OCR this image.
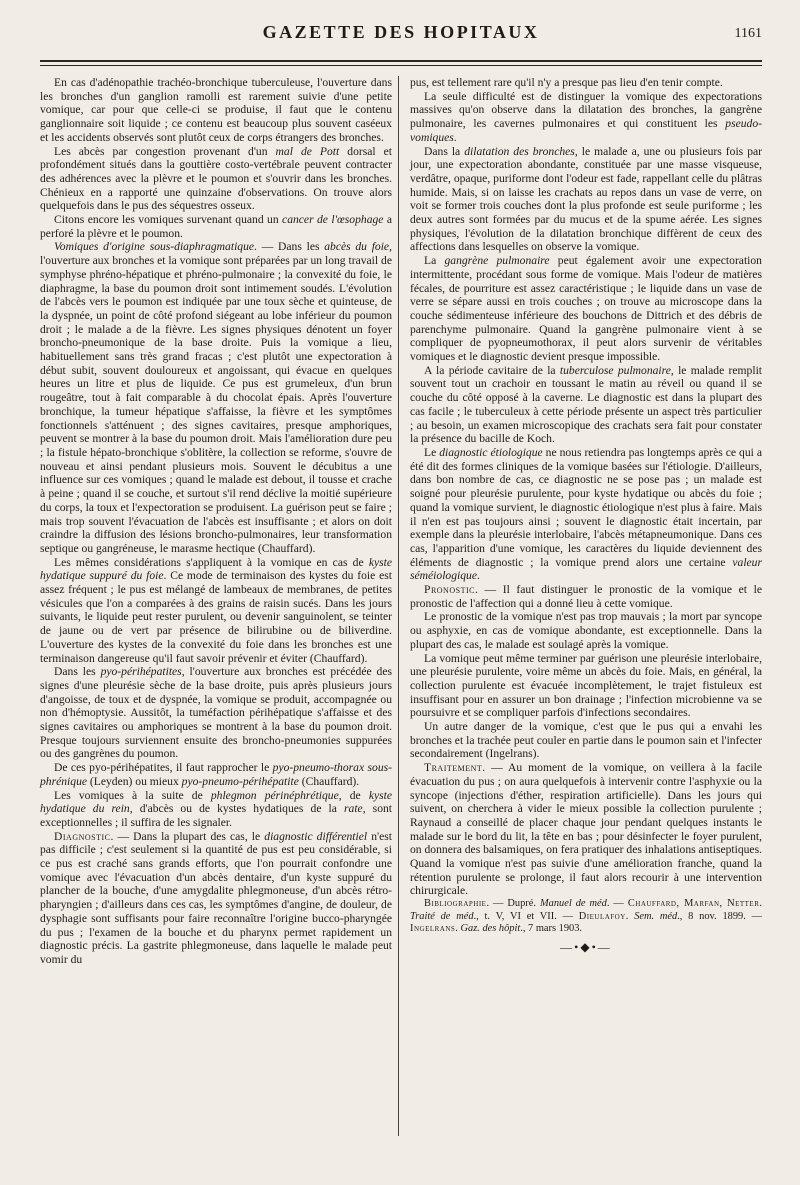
GAZETTE DES HOPITAUX	1161

En cas d'adénopathie trachéo-bronchique tuberculeuse, l'ouverture dans les bronches d'un ganglion ramolli est rarement suivie d'une petite vomique, car pour que celle-ci se produise, il faut que le contenu ganglionnaire soit liquide ; ce contenu est beaucoup plus souvent caséeux et les accidents observés sont plutôt ceux de corps étrangers des bronches.

Les abcès par congestion provenant d'un mal de Pott dorsal et profondément situés dans la gouttière costo-vertébrale peuvent contracter des adhérences avec la plèvre et le poumon et s'ouvrir dans les bronches. Chénieux en a rapporté une quinzaine d'observations. On trouve alors quelquefois dans le pus des séquestres osseux.

Citons encore les vomiques survenant quand un cancer de l'œsophage a perforé la plèvre et le poumon.

Vomiques d'origine sous-diaphragmatique. — Dans les abcès du foie, l'ouverture aux bronches et la vomique sont préparées par un long travail de symphyse phréno-hépatique et phréno-pulmonaire ; la convexité du foie, le diaphragme, la base du poumon droit sont intimement soudés. L'évolution de l'abcès vers le poumon est indiquée par une toux sèche et quinteuse, de la dyspnée, un point de côté profond siégeant au lobe inférieur du poumon droit ; le malade a de la fièvre. Les signes physiques dénotent un foyer broncho-pneumonique de la base droite. Puis la vomique a lieu, habituellement sans très grand fracas ; c'est plutôt une expectoration à début subit, souvent douloureux et angoissant, qui évacue en quelques heures un litre et plus de liquide. Ce pus est grumeleux, d'un brun rougeâtre, tout à fait comparable à du chocolat épais. Après l'ouverture bronchique, la tumeur hépatique s'affaisse, la fièvre et les symptômes fonctionnels s'atténuent ; des signes cavitaires, presque amphoriques, peuvent se montrer à la base du poumon droit. Mais l'amélioration dure peu ; la fistule hépato-bronchique s'oblitère, la collection se reforme, s'ouvre de nouveau et ainsi pendant plusieurs mois. Souvent le décubitus a une influence sur ces vomiques ; quand le malade est debout, il tousse et crache à peine ; quand il se couche, et surtout s'il rend déclive la moitié supérieure du corps, la toux et l'expectoration se produisent. La guérison peut se faire ; mais trop souvent l'évacuation de l'abcès est insuffisante ; et alors on doit craindre la diffusion des lésions broncho-pulmonaires, leur transformation septique ou gangréneuse, le marasme hectique (Chauffard).

Les mêmes considérations s'appliquent à la vomique en cas de kyste hydatique suppuré du foie. Ce mode de terminaison des kystes du foie est assez fréquent ; le pus est mélangé de lambeaux de membranes, de petites vésicules que l'on a comparées à des grains de raisin sucés. Dans les jours suivants, le liquide peut rester purulent, ou devenir sanguinolent, se teinter de jaune ou de vert par présence de bilirubine ou de biliverdine. L'ouverture des kystes de la convexité du foie dans les bronches est une terminaison dangereuse qu'il faut savoir prévenir et éviter (Chauffard).

Dans les pyo-périhépatites, l'ouverture aux bronches est précédée des signes d'une pleurésie sèche de la base droite, puis après plusieurs jours d'angoisse, de toux et de dyspnée, la vomique se produit, accompagnée ou non d'hémoptysie. Aussitôt, la tuméfaction périhépatique s'affaisse et des signes cavitaires ou amphoriques se montrent à la base du poumon droit. Presque toujours surviennent ensuite des broncho-pneumonies suppurées ou des gangrènes du poumon.

De ces pyo-périhépatites, il faut rapprocher le pyo-pneumo-thorax sous-phrénique (Leyden) ou mieux pyo-pneumo-périhépatite (Chauffard).

Les vomiques à la suite de phlegmon périnéphrétique, de kyste hydatique du rein, d'abcès ou de kystes hydatiques de la rate, sont exceptionnelles ; il suffira de les signaler.

Diagnostic. — Dans la plupart des cas, le diagnostic différentiel n'est pas difficile ; c'est seulement si la quantité de pus est peu considérable, si ce pus est craché sans grands efforts, que l'on pourrait confondre une vomique avec l'évacuation d'un abcès dentaire, d'un kyste suppuré du plancher de la bouche, d'une amygdalite phlegmoneuse, d'un abcès rétro-pharyngien ; d'ailleurs dans ces cas, les symptômes d'angine, de douleur, de dysphagie sont suffisants pour faire reconnaître l'origine bucco-pharyngée du pus ; l'examen de la bouche et du pharynx permet rapidement un diagnostic précis. La gastrite phlegmoneuse, dans laquelle le malade peut vomir du

pus, est tellement rare qu'il n'y a presque pas lieu d'en tenir compte.

La seule difficulté est de distinguer la vomique des expectorations massives qu'on observe dans la dilatation des bronches, la gangrène pulmonaire, les cavernes pulmonaires et qui constituent les pseudo-vomiques.

Dans la dilatation des bronches, le malade a, une ou plusieurs fois par jour, une expectoration abondante, constituée par une masse visqueuse, verdâtre, opaque, puriforme dont l'odeur est fade, rappellant celle du plâtras humide. Mais, si on laisse les crachats au repos dans un vase de verre, on voit se former trois couches dont la plus profonde est seule puriforme ; les deux autres sont formées par du mucus et de la spume aérée. Les signes physiques, l'évolution de la dilatation bronchique diffèrent de ceux des affections dans lesquelles on observe la vomique.

La gangrène pulmonaire peut également avoir une expectoration intermittente, procédant sous forme de vomique. Mais l'odeur de matières fécales, de pourriture est assez caractéristique ; le liquide dans un vase de verre se sépare aussi en trois couches ; on trouve au microscope dans la couche sédimenteuse inférieure des bouchons de Dittrich et des débris de parenchyme pulmonaire. Quand la gangrène pulmonaire vient à se compliquer de pyopneumothorax, il peut alors survenir de véritables vomiques et le diagnostic devient presque impossible.

A la période cavitaire de la tuberculose pulmonaire, le malade remplit souvent tout un crachoir en toussant le matin au réveil ou quand il se couche du côté opposé à la caverne. Le diagnostic est dans la plupart des cas facile ; le tuberculeux à cette période présente un aspect très particulier ; au besoin, un examen microscopique des crachats sera fait pour constater la présence du bacille de Koch.

Le diagnostic étiologique ne nous retiendra pas longtemps après ce qui a été dit des formes cliniques de la vomique basées sur l'étiologie. D'ailleurs, dans bon nombre de cas, ce diagnostic ne se pose pas ; un malade est soigné pour pleurésie purulente, pour kyste hydatique ou abcès du foie ; quand la vomique survient, le diagnostic étiologique n'est plus à faire. Mais il n'en est pas toujours ainsi ; souvent le diagnostic était incertain, par exemple dans la pleurésie interlobaire, l'abcès métapneumonique. Dans ces cas, l'apparition d'une vomique, les caractères du liquide deviennent des éléments de diagnostic ; la vomique prend alors une certaine valeur séméiologique.

Pronostic. — Il faut distinguer le pronostic de la vomique et le pronostic de l'affection qui a donné lieu à cette vomique.

Le pronostic de la vomique n'est pas trop mauvais ; la mort par syncope ou asphyxie, en cas de vomique abondante, est exceptionnelle. Dans la plupart des cas, le malade est soulagé après la vomique.

La vomique peut même terminer par guérison une pleurésie interlobaire, une pleurésie purulente, voire même un abcès du foie. Mais, en général, la collection purulente est évacuée incomplètement, le trajet fistuleux est insuffisant pour en assurer un bon drainage ; l'infection microbienne va se poursuivre et se compliquer parfois d'infections secondaires.

Un autre danger de la vomique, c'est que le pus qui a envahi les bronches et la trachée peut couler en partie dans le poumon sain et l'infecter secondairement (Ingelrans).

Traitement. — Au moment de la vomique, on veillera à la facile évacuation du pus ; on aura quelquefois à intervenir contre l'asphyxie ou la syncope (injections d'éther, respiration artificielle). Dans les jours qui suivent, on cherchera à vider le mieux possible la collection purulente ; Raynaud a conseillé de placer chaque jour pendant quelques instants le malade sur le bord du lit, la tête en bas ; pour désinfecter le foyer purulent, on donnera des balsamiques, on fera pratiquer des inhalations antiseptiques. Quand la vomique n'est pas suivie d'une amélioration franche, quand la rétention purulente se prolonge, il faut alors recourir à une intervention chirurgicale.

Bibliographie. — Dupré. Manuel de méd. — Chauffard, Marfan, Netter. Traité de méd., t. V, VI et VII. — Dieulafoy. Sem. méd., 8 nov. 1899. — Ingelrans. Gaz. des hôpit., 7 mars 1903.

—•◆•—
